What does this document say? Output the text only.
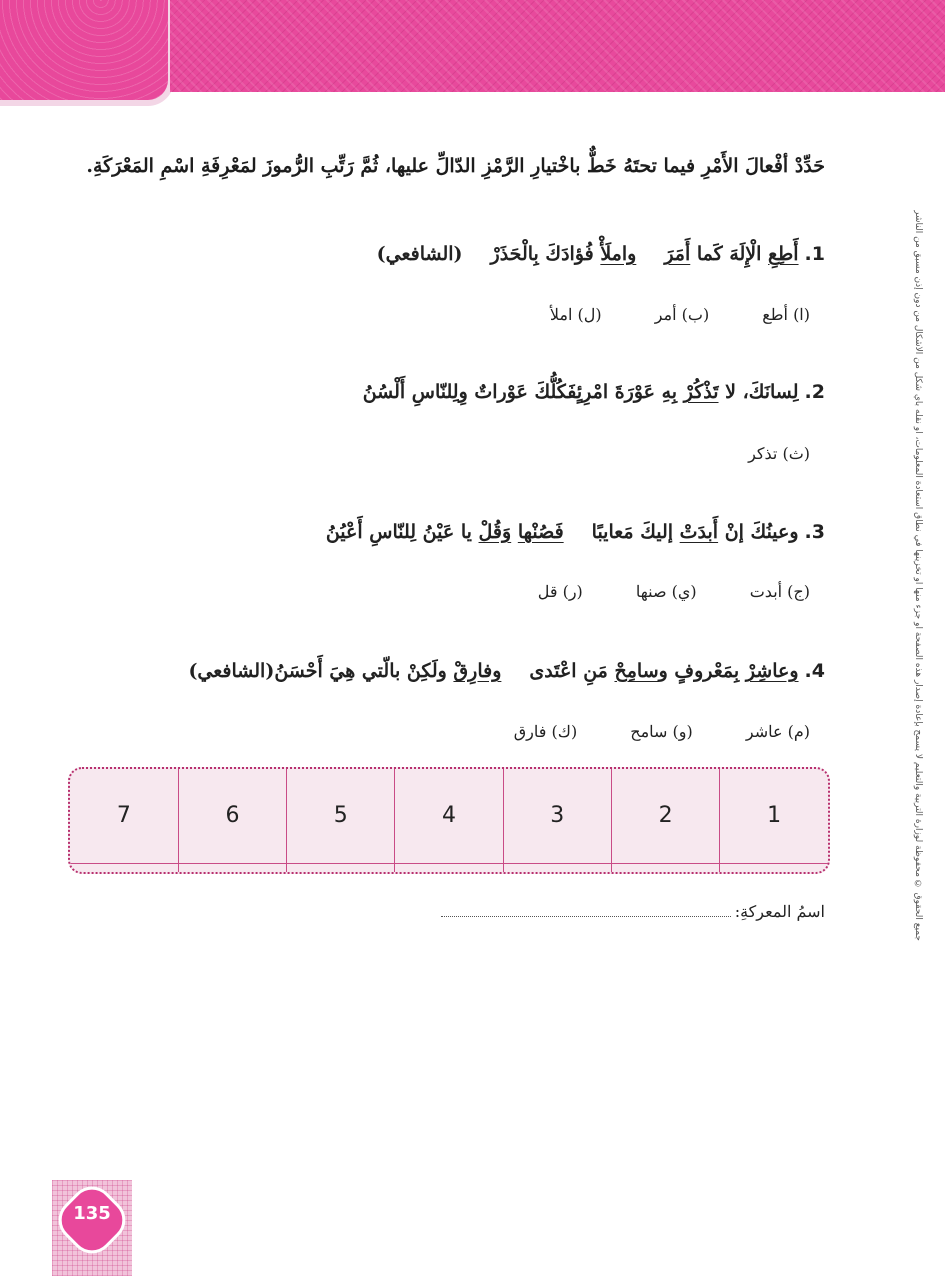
جميع الحقوق © محفوظة لوزارة التربية والتعليم لا يسمح بإعادة إصدار هذه الصفحة أو جزء منها أو تخزينها في نطاق استعادة المعلومات، أو نقله بأي شكل من الأشكال من دون إذن مسبق من الناشر
حَدِّدْ أفْعالَ الأَمْرِ فيما تحتَهُ خَطٌّ باخْتيارِ الرَّمْزِ الدّالِّ عليها، ثُمَّ رَتِّبِ الرُّموزَ لمَعْرِفَةِ اسْمِ المَعْرَكَةِ.
1.أَطِعِ الْإِلَهَ كَما أَمَرَواملَأْ فُؤادَكَ بِالْحَذَرْ(الشافعي)
(ا) أطع (ب) أمر (ل) املأ
2.لِسانَكَ، لا تَذْكُرْ بِهِ عَوْرَةَ امْرِئٍفَكُلُّكَ عَوْراتٌ وِلِلنّاسِ أَلْسُنُ
(ث) تذكر
3.وعينُكَ إنْ أَبدَتْ إليكَ مَعايبًافَصُنْها وَقُلْ يا عَيْنُ لِلنّاسِ أَعْيُنُ
(ج) أبدت (ي) صنها (ر) قل
4.وعاشِرْ بِمَعْروفٍ وسامِحْ مَنِ اعْتَدىوفارِقْ ولَكِنْ بالّتي هِيَ أَحْسَنُ(الشافعي)
(م) عاشر (و) سامح (ك) فارق
1	2	3	4	5	6	7

اسمُ المعركةِ:
135
